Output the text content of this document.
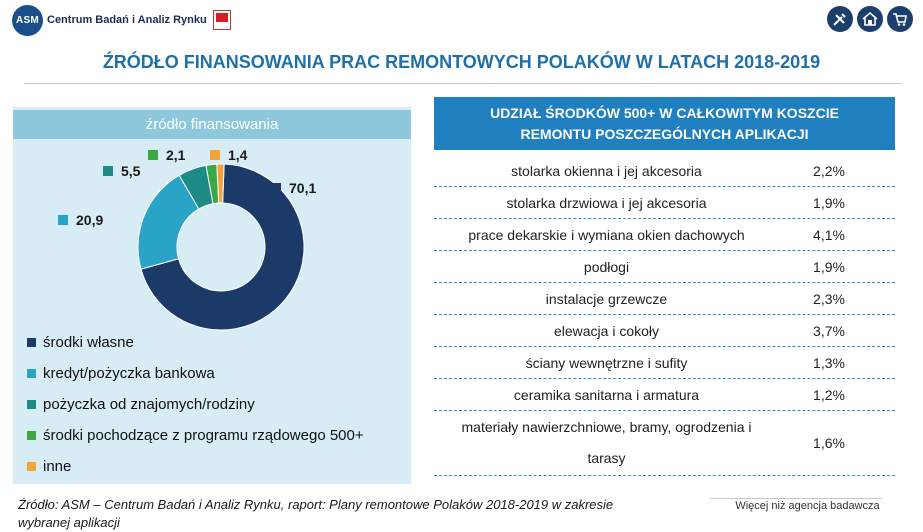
ASM Centrum Badań i Analiz Rynku
ŹRÓDŁO FINANSOWANIA PRAC REMONTOWYCH POLAKÓW W LATACH 2018-2019
źródło finansowania
70,1
20,9
5,5
2,1	1,4
środki własne
kredyt/pożyczka bankowa
pożyczka od znajomych/rodziny
środki pochodzące z programu rządowego 500+
inne
UDZIAŁ ŚRODKÓW 500+ W CAŁKOWITYM KOSZCIE
REMONTU POSZCZEGÓLNYCH APLIKACJI
stolarka okienna i jej akcesoria	2,2%
stolarka drzwiowa i jej akcesoria	1,9%
prace dekarskie i wymiana okien dachowych	4,1%
podłogi	1,9%
instalacje grzewcze	2,3%
elewacja i cokoły	3,7%
ściany wewnętrzne i sufity	1,3%
ceramika sanitarna i armatura	1,2%
materiały nawierzchniowe, bramy, ogrodzenia i
tarasy
1,6%
Źródło: ASM – Centrum Badań i Analiz Rynku, raport: Plany remontowe Polaków 2018-2019 w zakresie
wybranej aplikacji
Więcej niż agencja badawcza
